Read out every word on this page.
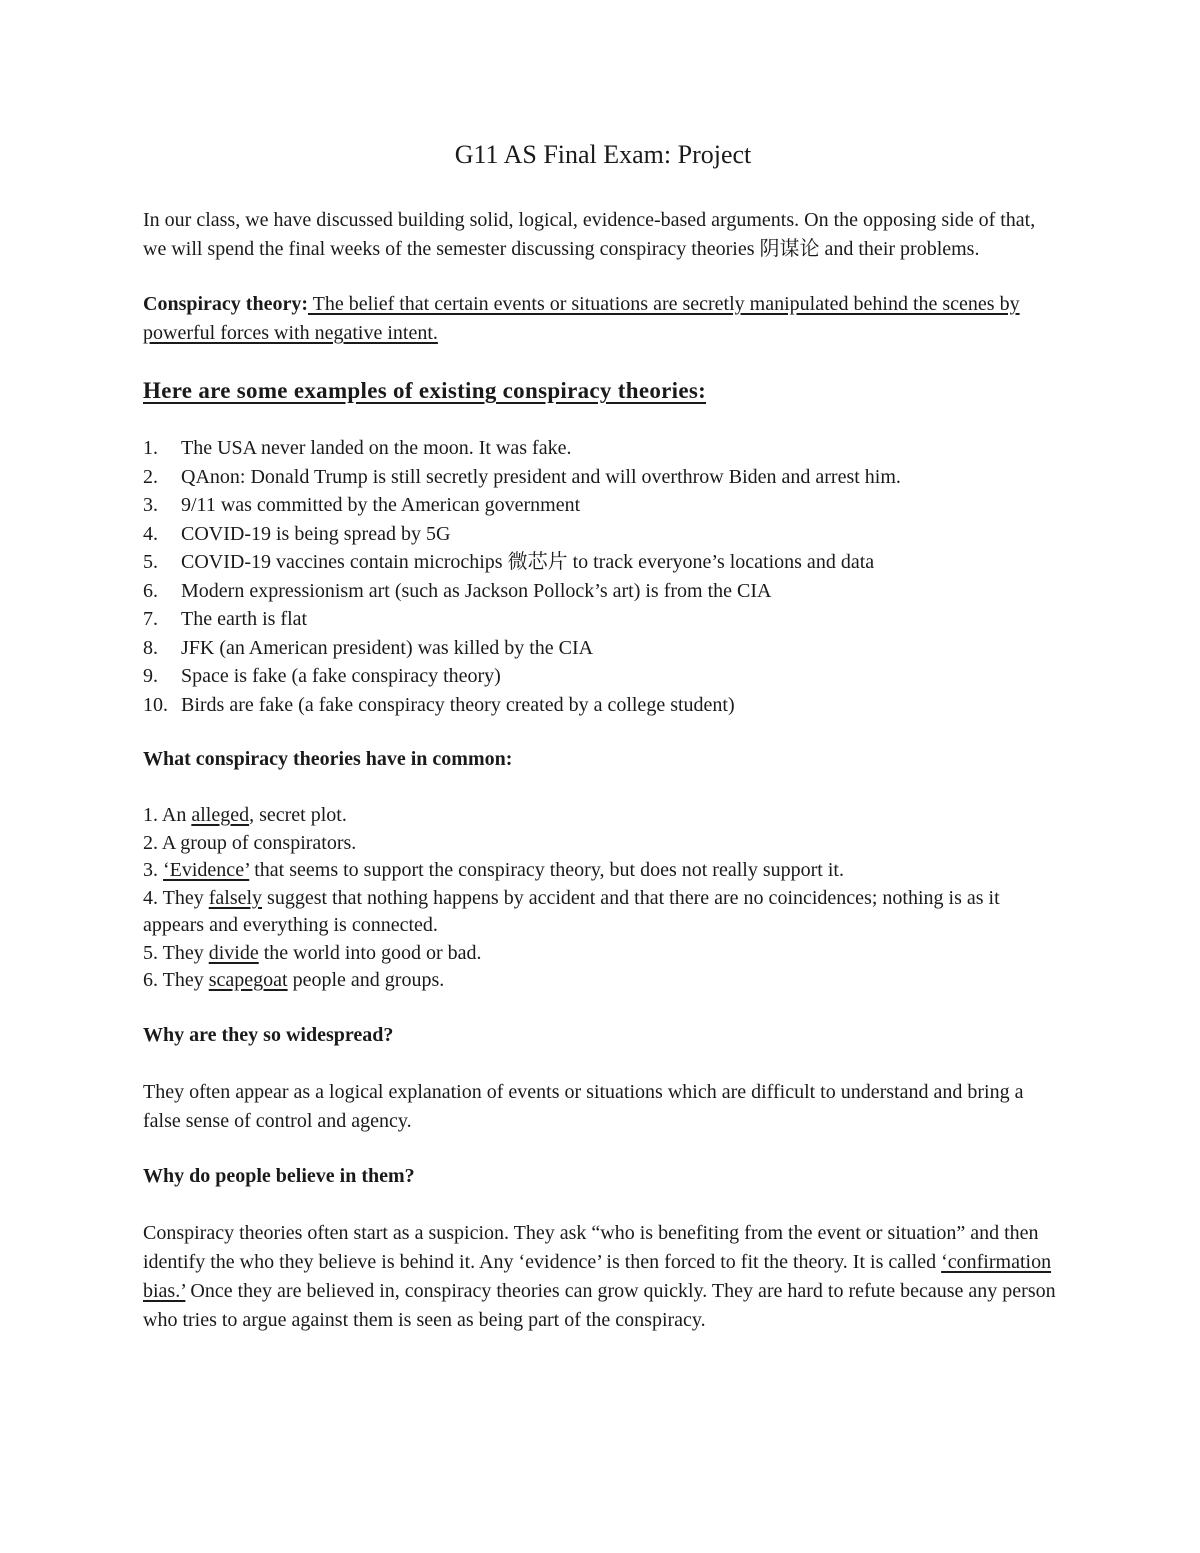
G11 AS Final Exam: Project

In our class, we have discussed building solid, logical, evidence-based arguments. On the opposing side of that, we will spend the final weeks of the semester discussing conspiracy theories 阴谋论 and their problems.

Conspiracy theory: The belief that certain events or situations are secretly manipulated behind the scenes by powerful forces with negative intent.

Here are some examples of existing conspiracy theories:
1.	The USA never landed on the moon. It was fake.
2.	QAnon: Donald Trump is still secretly president and will overthrow Biden and arrest him.
3.	9/11 was committed by the American government
4.	COVID-19 is being spread by 5G
5.	COVID-19 vaccines contain microchips 微芯片 to track everyone’s locations and data
6.	Modern expressionism art (such as Jackson Pollock’s art) is from the CIA
7.	The earth is flat
8.	JFK (an American president) was killed by the CIA
9.	Space is fake (a fake conspiracy theory)
10. Birds are fake (a fake conspiracy theory created by a college student)
What conspiracy theories have in common:

1. An alleged, secret plot.

2. A group of conspirators.

3. ‘Evidence’ that seems to support the conspiracy theory, but does not really support it.

4. They falsely suggest that nothing happens by accident and that there are no coincidences; nothing is as it appears and everything is connected.

5. They divide the world into good or bad.

6. They scapegoat people and groups.

Why are they so widespread?

They often appear as a logical explanation of events or situations which are difficult to understand and bring a false sense of control and agency.

Why do people believe in them?

Conspiracy theories often start as a suspicion. They ask “who is benefiting from the event or situation” and then identify the who they believe is behind it. Any ‘evidence’ is then forced to fit the theory. It is called ‘confirmation bias.’ Once they are believed in, conspiracy theories can grow quickly. They are hard to refute because any person who tries to argue against them is seen as being part of the conspiracy.
